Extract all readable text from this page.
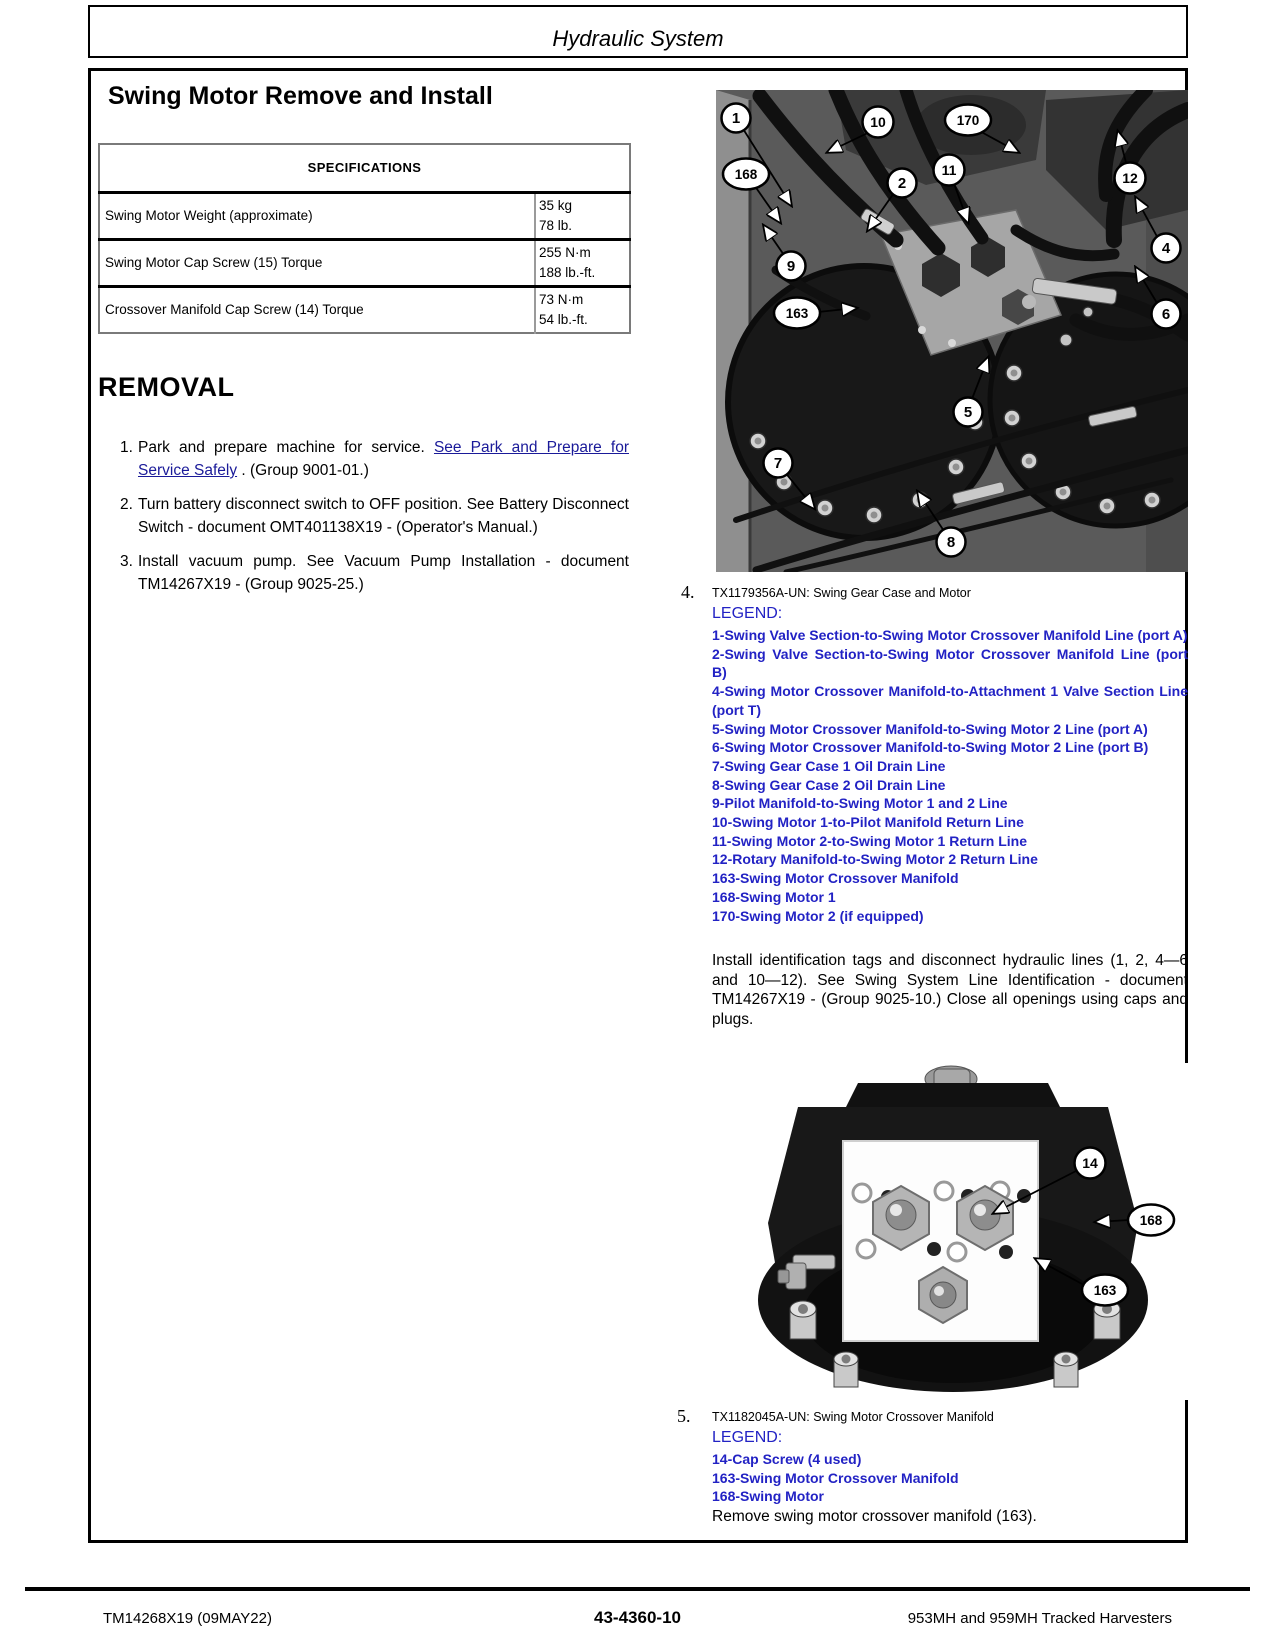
Hydraulic System
Swing Motor Remove and Install
SPECIFICATIONS	
Swing Motor Weight (approximate)	35 kg
78 lb.

Swing Motor Cap Screw (15) Torque	255 N·m
188 lb.-ft.

Crossover Manifold Cap Screw (14) Torque	73 N·m
54 lb.-ft.
REMOVAL
1. Park and prepare machine for service. See Park and Prepare for Service Safely . (Group 9001-01.)
2. Turn battery disconnect switch to OFF position. See Battery Disconnect Switch - document OMT401138X19 - (Operator's Manual.)
3. Install vacuum pump. See Vacuum Pump Installation - document TM14267X19 - (Group 9025-25.)
1	10	170
168
2
11	12
9
4
163	6
5
7
8
4. TX1179356A-UN: Swing Gear Case and Motor
LEGEND:
1-Swing Valve Section-to-Swing Motor Crossover Manifold Line (port A)
2-Swing Valve Section-to-Swing Motor Crossover Manifold Line (port B)
4-Swing Motor Crossover Manifold-to-Attachment 1 Valve Section Line (port T)
5-Swing Motor Crossover Manifold-to-Swing Motor 2 Line (port A)
6-Swing Motor Crossover Manifold-to-Swing Motor 2 Line (port B)
7-Swing Gear Case 1 Oil Drain Line
8-Swing Gear Case 2 Oil Drain Line
9-Pilot Manifold-to-Swing Motor 1 and 2 Line
10-Swing Motor 1-to-Pilot Manifold Return Line
11-Swing Motor 2-to-Swing Motor 1 Return Line
12-Rotary Manifold-to-Swing Motor 2 Return Line
163-Swing Motor Crossover Manifold
168-Swing Motor 1
170-Swing Motor 2 (if equipped)
Install identification tags and disconnect hydraulic lines (1, 2, 4—6 and 10—12). See Swing System Line Identification - document TM14267X19 - (Group 9025-10.) Close all openings using caps and plugs.
14
168
163
5. TX1182045A-UN: Swing Motor Crossover Manifold
LEGEND:
14-Cap Screw (4 used)
163-Swing Motor Crossover Manifold
168-Swing Motor
Remove swing motor crossover manifold (163).
TM14268X19 (09MAY22)	43-4360-10	953MH and 959MH Tracked Harvesters
